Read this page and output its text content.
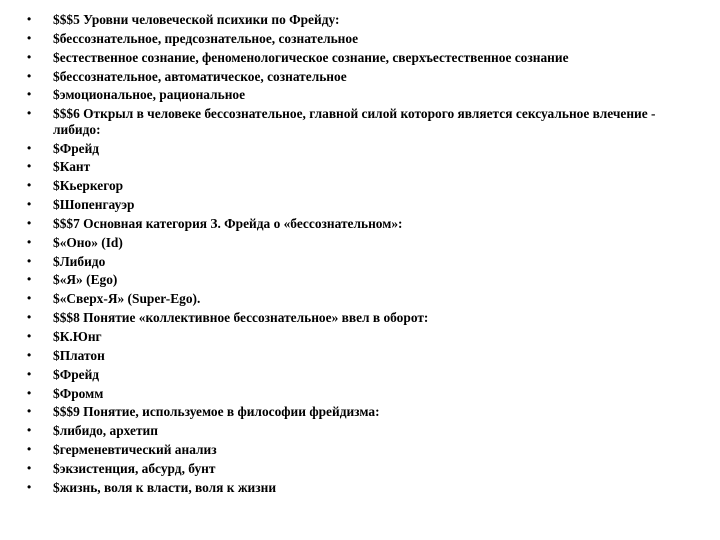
• $$$5 Уровни человеческой психики по Фрейду:
• $бессознательное, предсознательное, сознательное
• $естественное сознание, феноменологическое сознание, сверхъестественное сознание
• $бессознательное, автоматическое, сознательное
• $эмоциональное, рациональное
• $$$6 Открыл в человеке бессознательное, главной силой которого является сексуальное влечение - либидо:
• $Фрейд
• $Кант
• $Кьеркегор
• $Шопенгауэр
• $$$7 Основная категория З. Фрейда о «бессознательном»:
• $«Оно» (Id)
• $Либидо
• $«Я» (Ego)
• $«Сверх-Я» (Super-Ego).
• $$$8 Понятие «коллективное бессознательное» ввел в оборот:
• $К.Юнг
• $Платон
• $Фрейд
• $Фромм
• $$$9 Понятие, используемое в философии фрейдизма:
• $либидо, архетип
• $герменевтический анализ
• $экзистенция, абсурд, бунт
• $жизнь, воля к власти, воля к жизни
